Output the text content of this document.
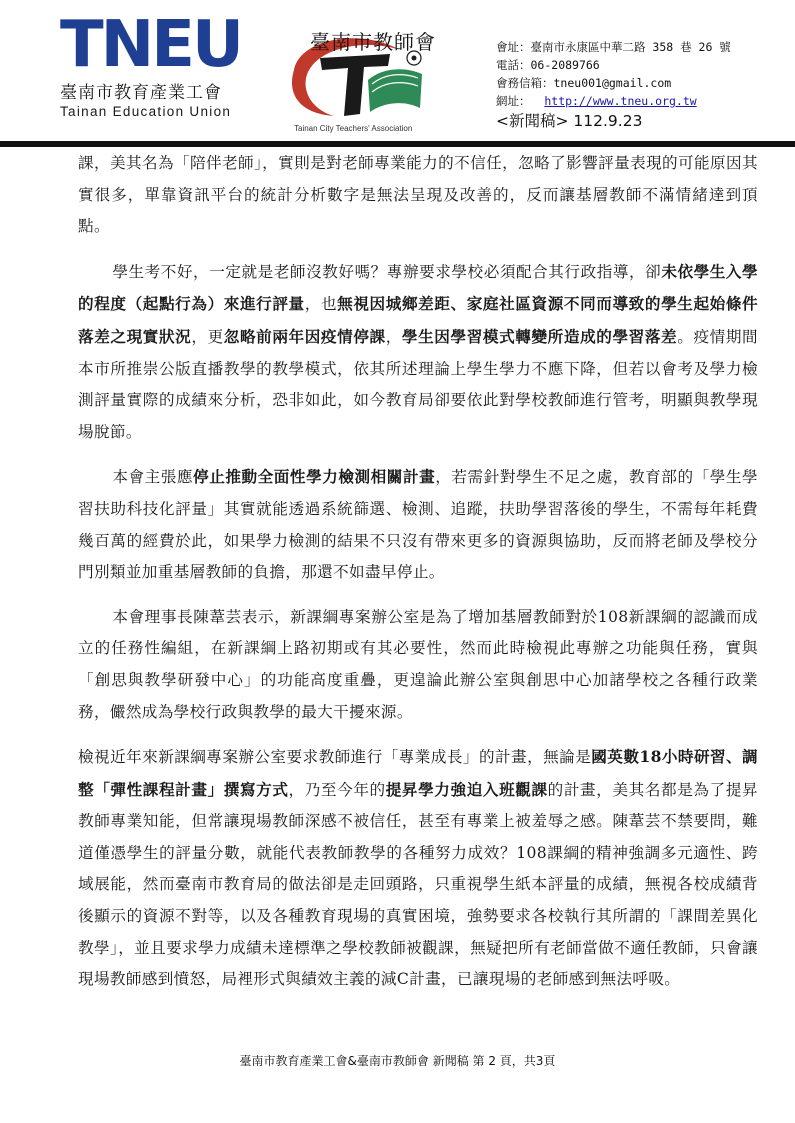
TNEU
臺南市教育產業工會
Tainan Education Union
臺南市教師會
Tainan City Teachers' Association
會址：臺南市永康區中華二路 358 巷 26 號
電話：06-2089766
會務信箱：tneu001@gmail.com
網址： http://www.tneu.org.tw
<新聞稿> 112.9.23

課，美其名為「陪伴老師」，實則是對老師專業能力的不信任，忽略了影響評量表現的可能原因其實很多，單靠資訊平台的統計分析數字是無法呈現及改善的，反而讓基層教師不滿情緒達到頂點。

學生考不好，一定就是老師沒教好嗎？專辦要求學校必須配合其行政指導，卻未依學生入學的程度（起點行為）來進行評量，也無視因城鄉差距、家庭社區資源不同而導致的學生起始條件落差之現實狀況，更忽略前兩年因疫情停課，學生因學習模式轉變所造成的學習落差。疫情期間本市所推崇公版直播教學的教學模式，依其所述理論上學生學力不應下降，但若以會考及學力檢測評量實際的成績來分析，恐非如此，如今教育局卻要依此對學校教師進行管考，明顯與教學現場脫節。

本會主張應停止推動全面性學力檢測相關計畫，若需針對學生不足之處，教育部的「學生學習扶助科技化評量」其實就能透過系統篩選、檢測、追蹤，扶助學習落後的學生，不需每年耗費幾百萬的經費於此，如果學力檢測的結果不只沒有帶來更多的資源與協助，反而將老師及學校分門別類並加重基層教師的負擔，那還不如盡早停止。

本會理事長陳葦芸表示，新課綱專案辦公室是為了增加基層教師對於108新課綱的認識而成立的任務性編組，在新課綱上路初期或有其必要性，然而此時檢視此專辦之功能與任務，實與「創思與教學研發中心」的功能高度重疊，更遑論此辦公室與創思中心加諸學校之各種行政業務，儼然成為學校行政與教學的最大干擾來源。

檢視近年來新課綱專案辦公室要求教師進行「專業成長」的計畫，無論是國英數18小時研習、調整「彈性課程計畫」撰寫方式，乃至今年的提昇學力強迫入班觀課的計畫，美其名都是為了提昇教師專業知能，但常讓現場教師深感不被信任，甚至有專業上被羞辱之感。陳葦芸不禁要問，難道僅憑學生的評量分數，就能代表教師教學的各種努力成效？108課綱的精神強調多元適性、跨域展能，然而臺南市教育局的做法卻是走回頭路，只重視學生紙本評量的成績，無視各校成績背後顯示的資源不對等，以及各種教育現場的真實困境，強勢要求各校執行其所謂的「課間差異化教學」，並且要求學力成績未達標準之學校教師被觀課，無疑把所有老師當做不適任教師，只會讓現場教師感到憤怒，局裡形式與績效主義的減C計畫，已讓現場的老師感到無法呼吸。

臺南市教育產業工會&臺南市教師會 新聞稿 第 2 頁，共3頁
